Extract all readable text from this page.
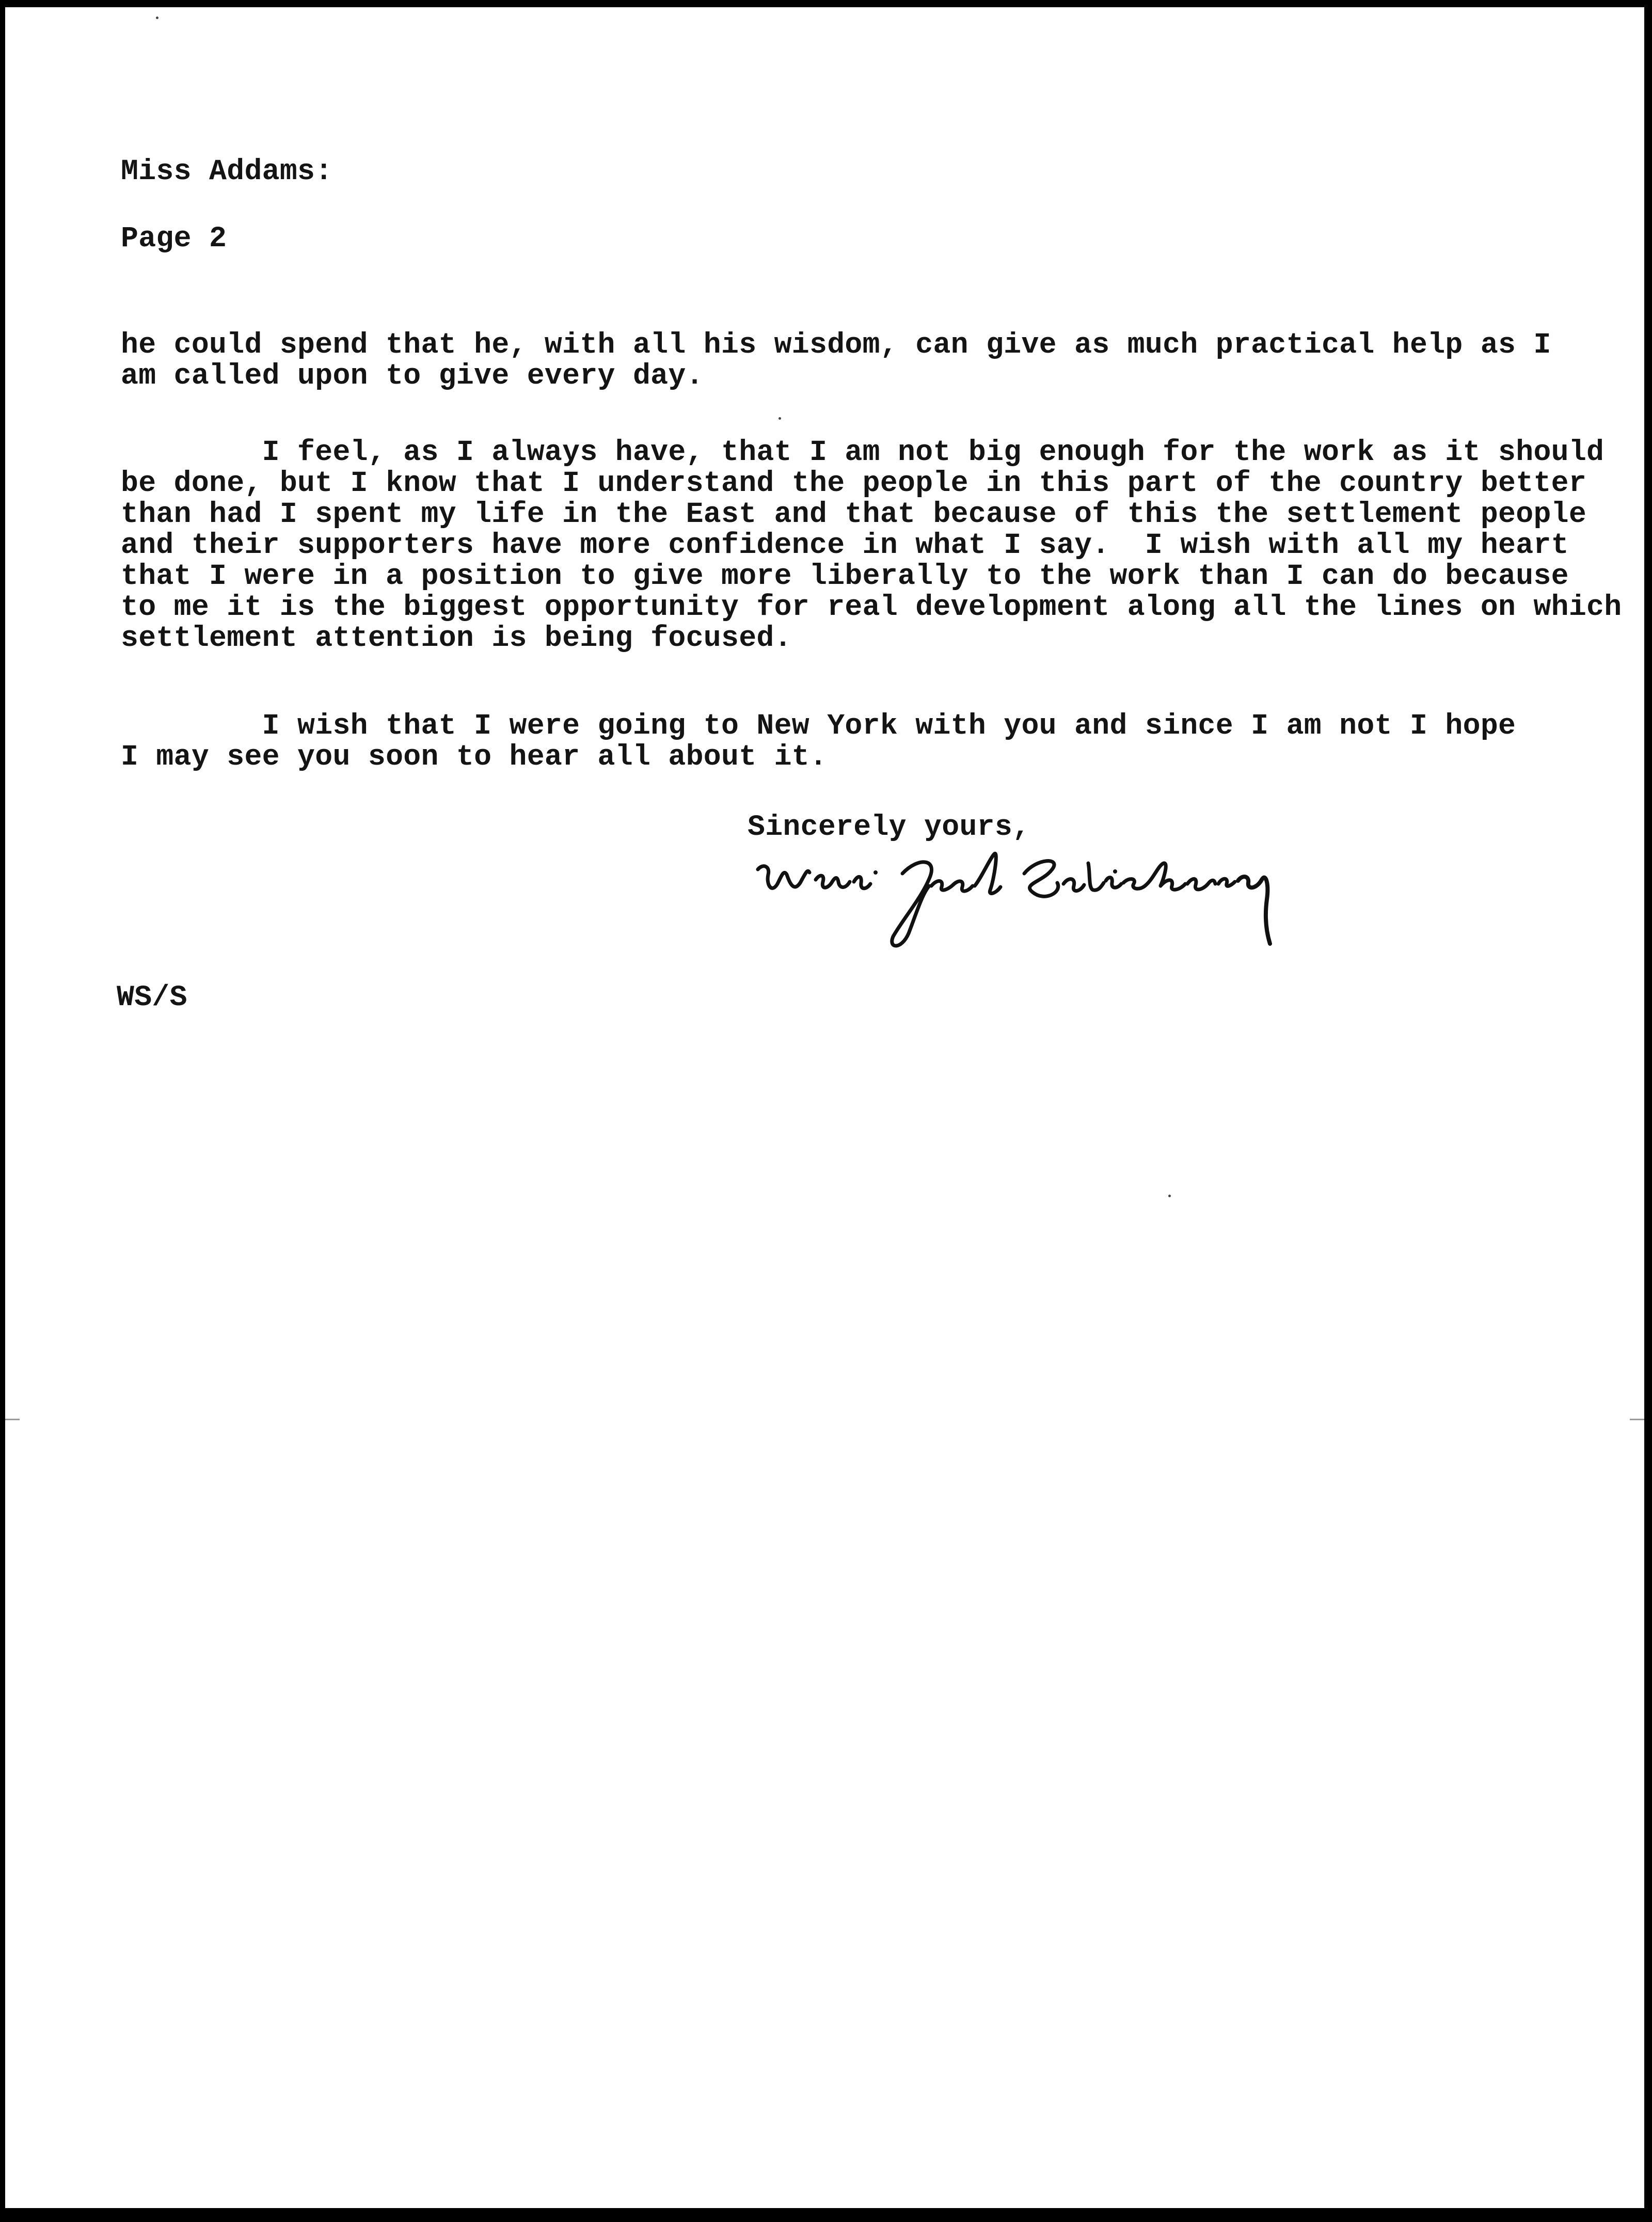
Miss Addams:

Page 2

he could spend that he, with all his wisdom, can give as much practical help as I

am called upon to give every day.

I feel, as I always have, that I am not big enough for the work as it should

be done, but I know that I understand the people in this part of the country better

than had I spent my life in the East and that because of this the settlement people

and their supporters have more confidence in what I say.  I wish with all my heart

that I were in a position to give more liberally to the work than I can do because

to me it is the biggest opportunity for real development along all the lines on which

settlement attention is being focused.

I wish that I were going to New York with you and since I am not I hope

I may see you soon to hear all about it.

Sincerely yours,

WS/S
